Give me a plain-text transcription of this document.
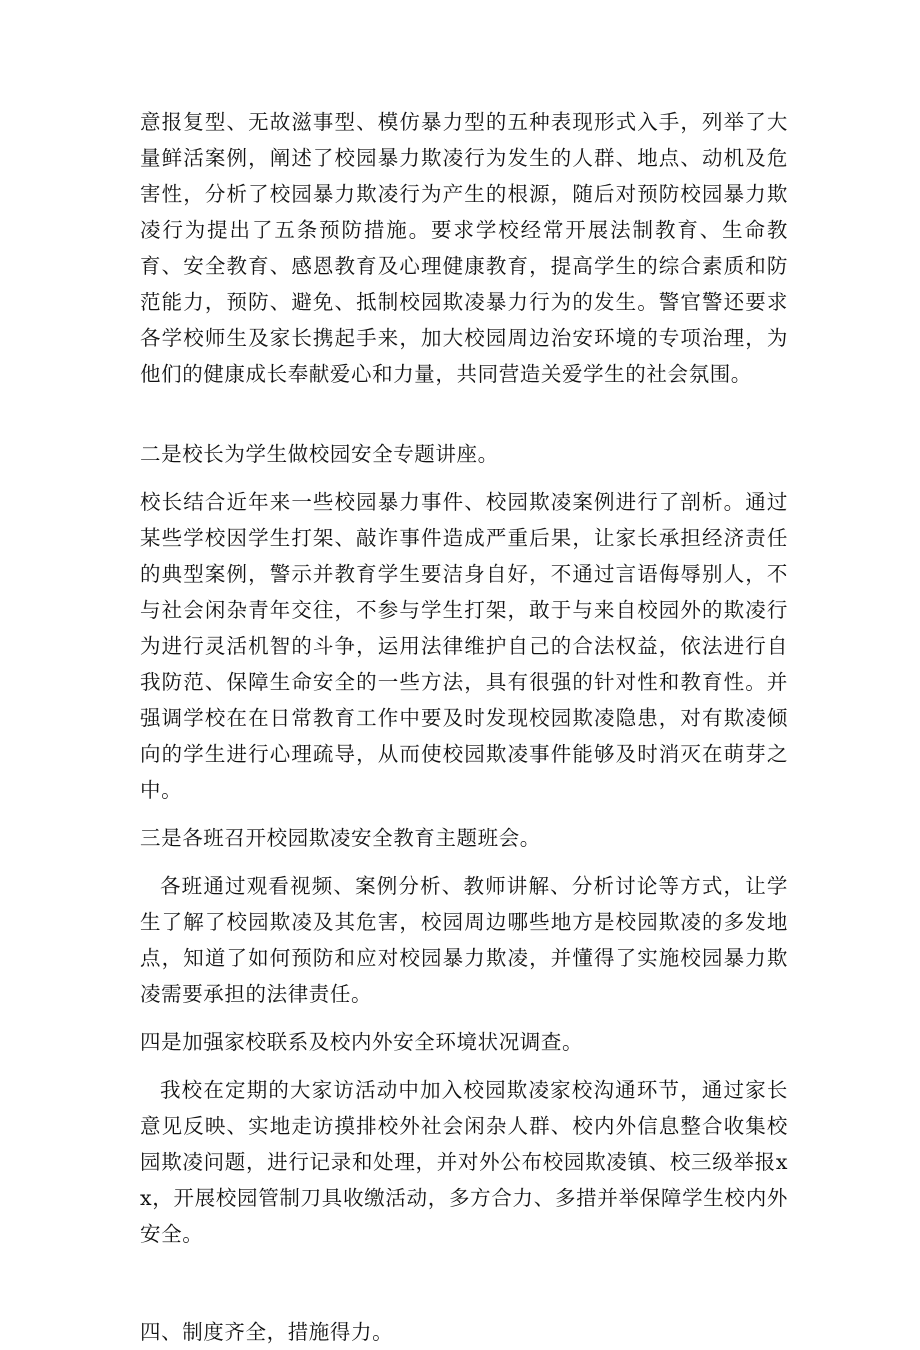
意报复型、无故滋事型、模仿暴力型的五种表现形式入手，列举了大量鲜活案例，阐述了校园暴力欺凌行为发生的人群、地点、动机及危害性，分析了校园暴力欺凌行为产生的根源，随后对预防校园暴力欺凌行为提出了五条预防措施。要求学校经常开展法制教育、生命教育、安全教育、感恩教育及心理健康教育，提高学生的综合素质和防范能力，预防、避免、抵制校园欺凌暴力行为的发生。警官警还要求各学校师生及家长携起手来，加大校园周边治安环境的专项治理，为他们的健康成长奉献爱心和力量，共同营造关爱学生的社会氛围。

二是校长为学生做校园安全专题讲座。

校长结合近年来一些校园暴力事件、校园欺凌案例进行了剖析。通过某些学校因学生打架、敲诈事件造成严重后果，让家长承担经济责任的典型案例，警示并教育学生要洁身自好，不通过言语侮辱别人，不与社会闲杂青年交往，不参与学生打架，敢于与来自校园外的欺凌行为进行灵活机智的斗争，运用法律维护自己的合法权益，依法进行自我防范、保障生命安全的一些方法，具有很强的针对性和教育性。并强调学校在在日常教育工作中要及时发现校园欺凌隐患，对有欺凌倾向的学生进行心理疏导，从而使校园欺凌事件能够及时消灭在萌芽之中。

三是各班召开校园欺凌安全教育主题班会。

各班通过观看视频、案例分析、教师讲解、分析讨论等方式，让学生了解了校园欺凌及其危害，校园周边哪些地方是校园欺凌的多发地点，知道了如何预防和应对校园暴力欺凌，并懂得了实施校园暴力欺凌需要承担的法律责任。

四是加强家校联系及校内外安全环境状况调查。

我校在定期的大家访活动中加入校园欺凌家校沟通环节，通过家长意见反映、实地走访摸排校外社会闲杂人群、校内外信息整合收集校园欺凌问题，进行记录和处理，并对外公布校园欺凌镇、校三级举报xx，开展校园管制刀具收缴活动，多方合力、多措并举保障学生校内外安全。

四、制度齐全，措施得力。
